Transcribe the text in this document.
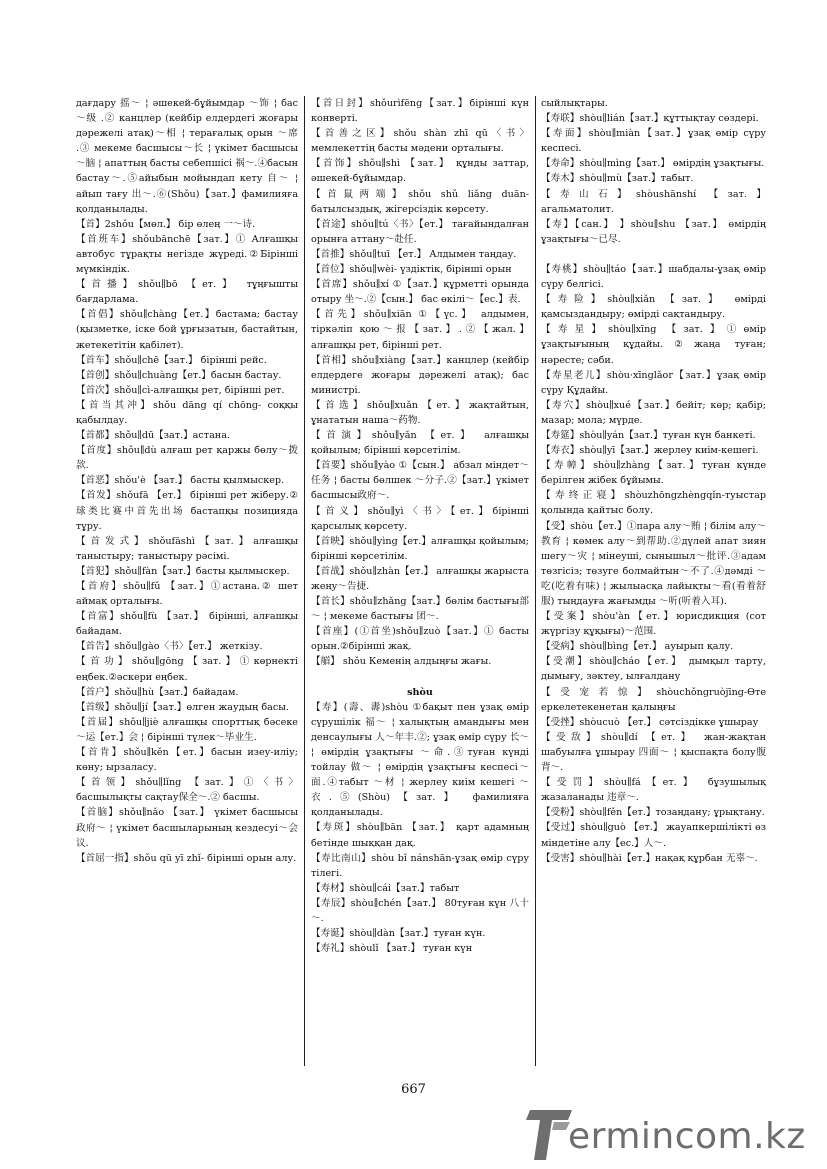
дағдару 摇～ ¦ әшекей-бұйымдар ～饰 ¦ бас ～级 .② канцлер (кейбір елдердегі жоғары дәрежелі атақ)～相 ¦ терағалық орын ～席 .③ мекеме басшысы～长 ¦ үкімет басшысы～脑 ¦ апаттың басты себепшісі 祸～.④басын бастау～.⑤айыбын мойындап кету 自～ ¦ айып тағу 出～.⑥(Shǒu)【зат.】фамилияға қолданылады.

【首】2shǒu【мөл.】 бір өлең 一～诗.

【首班车】shǒubānchē【зат.】① Алғашқы автобус тұрақты негізде жүреді.②Бірінші мүмкіндік.

【首播】shǒu∥bō 【ет.】 тұңғышты бағдарлама.

【首倡】shǒu∥chàng【ет.】бастама; бастау (қызметке, іске бой ұрғызатын, бастайтын, жетекетітін қабілет).

【首车】shǒu∥chē【зат.】 бірінші рейс.

【首创】shǒu∥chuàng【ет.】басын бастау.

【首次】shǒu∥cì-алғашқы рет, бірінші рет.

【首当其冲】shǒu dāng qí chōng- соққы қабылдау.

【首都】shǒu∥dū【зат.】астана.

【首度】shǒu∥dù алғаш рет қаржы бөлу～拨款.

【首恶】shǒu'è 【зат.】 басты қылмыскер.

【首发】shǒufā 【ет.】 бірінші рет жіберу.②球类比赛中首先出场 бастапқы позицияда тұру.

【首发式】shǒufāshì【зат.】алғашқы таныстыру; таныстыру рәсімі.

【首犯】shǒu∥fàn【зат.】басты қылмыскер.

【首府】shǒu∥fǔ 【зат.】①астана.② шет аймақ орталығы.

【首富】shǒu∥fù 【зат.】 бірінші, алғашқы байадам.

【首告】shǒu∥gào〈书〉【ет.】 жеткізу.

【首功】shǒu∥gōng【зат.】①көрнекті еңбек.②әскери еңбек.

【首户】shǒu∥hù【зат.】байадам.

【首级】shǒu∥jí【зат.】өлген жаудың басы.

【首届】shǒu∥jiè алғашқы спорттық бәсеке～运【ет.】会 ¦ бірінші түлек～毕业生.

【首肯】shǒu∥kěn【ет.】басын изеу-иліу; көну; ырзаласу.

【首领】shǒu∥lǐng 【зат.】①〈书〉 басшылықты сақтау保全～.② басшы.

【首脑】shǒu∥nǎo 【зат.】 үкімет басшысы 政府～ ¦ үкімет басшыларының кездесуі～会议.

【首屈一指】shǒu qū yī zhǐ- бірінші орын алу.

【首日封】shǒurìfēng【зат.】бірінші күн конверті.

【首善之区】shǒu shàn zhī qū〈书〉 мемлекеттің басты мәдени орталығы.

【首饰】shǒu∥shì 【зат.】 құнды заттар, әшекей-бұйымдар.

【首鼠两端】shǒu shǔ liǎng duān-батылсыздық, жігерсіздік көрсету.

【首途】shǒu∥tú〈书〉【ет.】 тағайындалған орынға аттану～赴任.

【首推】shǒu∥tuī 【ет.】 Алдымен таңдау.

【首位】shǒu∥wèi- үздіктік, бірінші орын

【首席】shǒu∥xí ①【зат.】құрметті орында отыру 坐～.②【сын.】 бас өкілі～【ес.】表.

【首先】shǒu∥xiān ①【үс.】 алдымен, тіркәліп қою～报【зат.】.②【жал.】 алғашқы рет, бірінші рет.

【首相】shǒu∥xiàng【зат.】канцлер (кейбір елдердеге жоғары дәрежелі атақ); бас министрі.

【首选】shǒu∥xuǎn【ет.】жақтайтын, ұнататын наша～药物.

【首演】shǒu∥yǎn 【ет.】 алғашқы қойылым; бірінші көрсетілім.

【首要】shǒu∥yào ①【сын.】 абзал міндет～任务 ¦ басты бөлшек ～分子.②【зат.】үкімет басшысы政府～.

【首义】shǒu∥yì〈书〉【ет.】бірінші қарсылық көрсету.

【首映】shǒu∥yìng【ет.】алғашқы қойылым; бірінші көрсетілім.

【首战】shǒu∥zhàn【ет.】 алғашқы жарыста жеңу～告捷.

【首长】shǒu∥zhǎng【зат.】бөлім бастығы部～ ¦ мекеме бастығы 团～.

【首座】(①首坐)shǒu∥zuò【зат.】① басты орын.②бірінші жақ.

【艏】 shǒu Кеменің алдыңғы жағы.

shòu

【寿】(壽、夀)shòu ①бақыт пен ұзақ өмір сүрушілік 福～ ¦ халықтың амандығы мен денсаулығы 人～年丰.②; ұзақ өмір сүру 长～ ¦ өмірдің ұзақтығы ～命.③туған күнді тойлау 做～ ¦ өмірдің ұзақтығы кеспесі～面.④табыт ～材 ¦ жерлеу киім кешегі ～衣.⑤(Shòu)【зат.】 фамилияға қолданылады.

【寿斑】shòu∥bān 【зат.】 қарт адамның бетінде шыққан дақ.

【寿比南山】shòu bǐ nánshān-ұзақ өмір сүру тілегі.

【寿材】shòu∥cái【зат.】табыт

【寿辰】shòu∥chén【зат.】 80туған күн 八十～.

【寿诞】shòu∥dàn【зат.】туған күн.

【寿礼】shòulǐ 【зат.】 туған күн

сыйлықтары.

【寿联】shòu∥lián【зат.】құттықтау сөздері.

【寿面】shòu∥miàn【зат.】ұзақ өмір сүру кеспесі.

【寿命】shòu∥mìng【зат.】 өмірдің ұзақтығы.

【寿木】shòu∥mù【зат.】табыт.

【寿山石】shòushānshí 【зат.】 агальматолит.

【寿】【сан.】 】shòu∥shu 【зат.】 өмірдің ұзақтығы～已尽.

【寿桃】shòu∥táo【зат.】шабдалы-ұзақ өмір сүру белгісі.

【寿险】shòu∥xiǎn 【зат.】 өмірді қамсыздандыру; өмірді сақтандыру.

【寿星】shòu∥xīng 【зат.】①өмір ұзақтығының құдайы.②жаңа туған; нәресте; сәби.

【寿星老儿】shòu·xīnglǎor【зат.】ұзақ өмір сүру Құдайы.

【寿穴】shòu∥xué【зат.】бейіт; көр; қабір; мазар; мола; мүрде.

【寿筵】shòu∥yán【зат.】туған күн банкеті.

【寿衣】shòu∥yī【зат.】жерлеу киім-кешегі.

【寿幛】shòu∥zhàng【зат.】туған күнде берілген жібек бұйымы.

【寿终正寝】shòuzhōngzhèngqǐn-туыстар қолында қайтыс болу.

【受】shòu【ет.】①пара алу～贿 ¦ білім алу～教育 ¦ көмек алу～到帮助.②дүлей апат зиян шегу～灾 ¦ мінеуші, сынышыл～批评.③адам төзгісіз; төзуге болмайтын～不了.④дәмді ～吃(吃着有味) ¦ жылыасқа лайықты～看(看着舒服) тыңдауға жағымды ～听(听着入耳).

【受案】shòu'àn【ет.】юрисдикция (сот жүргізу құқығы)～范围.

【受病】shòu∥bìng【ет.】 ауырып қалу.

【受潮】shòu∥cháo【ет.】 дымқыл тарту, дымығу, зәктеу, ылғалдану

【受宠若惊】shòuchǒngruòjīng-Өте еркелетекенетан қалыңғы

【受挫】shòucuò 【ет.】 сәтсіздікке ұшырау

【受敌】shòu∥dí 【ет.】 жан-жақтан шабуылға ұшырау 四面～ ¦ қыспақта болу腹背～.

【受罚】shòu∥fá【ет.】 бұзушылық жазаланады 违章～.

【受粉】shòu∥fěn【ет.】тозаңдану; ұрықтану.

【受过】shòu∥guò 【ет.】 жауапкершілікті өз міндетіне алу【ес.】人～.

【受害】shòu∥hài【ет.】нақақ құрбан 无辜～.

667
ermincom.kz
